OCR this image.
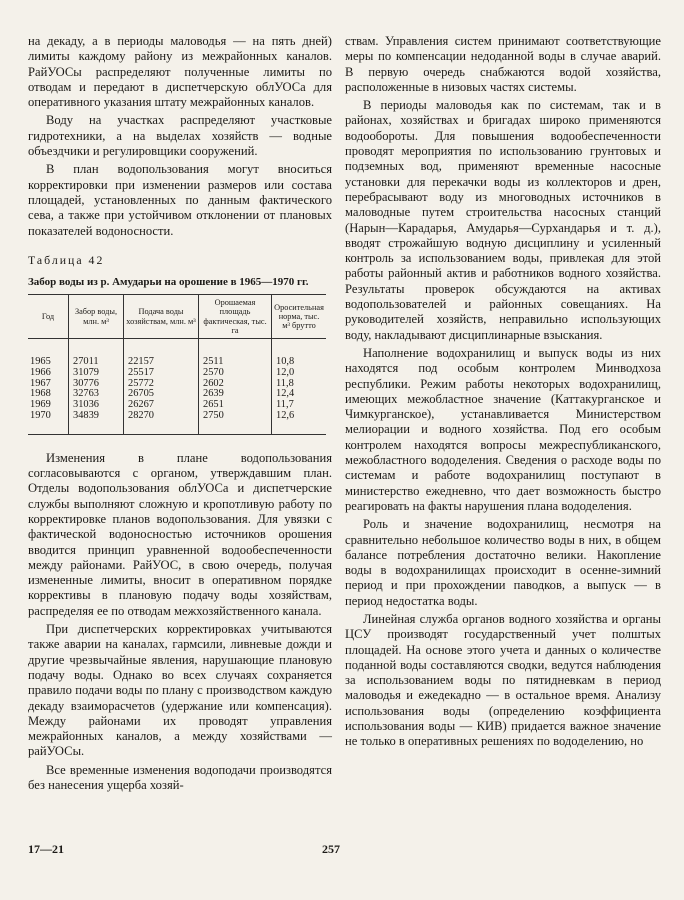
на декаду, а в периоды маловодья — на пять дней) лимиты каждому району из межрайонных каналов. РайУОСы распределяют полученные лимиты по отводам и передают в диспетчерскую облУОСа для оперативного указания штату межрайонных каналов.

Воду на участках распределяют участковые гидротехники, а на выделах хозяйств — водные объездчики и регулировщики сооружений.

В план водопользования могут вноситься корректировки при изменении размеров или состава площадей, установленных по данным фактического сева, а также при устойчивом отклонении от плановых показателей водоносности.

Таблица 42

Забор воды из р. Амударьи на орошение в 1965—1970 гг.

Год	Забор воды, млн. м³	Подача воды хозяйствам, млн. м³	Орошаемая площадь фактическая, тыс. га	Оросительная норма, тыс. м³ брутто
1965	27011	22157	2511	10,8
1966	31079	25517	2570	12,0
1967	30776	25772	2602	11,8
1968	32763	26705	2639	12,4
1969	31036	26267	2651	11,7
1970	34839	28270	2750	12,6

Изменения в плане водопользования согласовываются с органом, утверждавшим план. Отделы водопользования облУОСа и диспетчерские службы выполняют сложную и кропотливую работу по корректировке планов водопользования. Для увязки с фактической водоносностью источников орошения вводится принцип уравненной водообеспеченности между районами. РайУОС, в свою очередь, получая измененные лимиты, вносит в оперативном порядке коррективы в плановую подачу воды хозяйствам, распределяя ее по отводам межхозяйственного канала.

При диспетчерских корректировках учитываются также аварии на каналах, гармсили, ливневые дожди и другие чрезвычайные явления, нарушающие плановую подачу воды. Однако во всех случаях сохраняется правило подачи воды по плану с производством каждую декаду взаиморасчетов (удержание или компенсация). Между районами их проводят управления межрайонных каналов, а между хозяйствами — райУОСы.

Все временные изменения водоподачи производятся без нанесения ущерба хозяй-

ствам. Управления систем принимают соответствующие меры по компенсации недоданной воды в случае аварий. В первую очередь снабжаются водой хозяйства, расположенные в низовых частях системы.

В периоды маловодья как по системам, так и в районах, хозяйствах и бригадах широко применяются водообороты. Для повышения водообеспеченности проводят мероприятия по использованию грунтовых и подземных вод, применяют временные насосные установки для перекачки воды из коллекторов и дрен, перебрасывают воду из многоводных источников в маловодные путем строительства насосных станций (Нарын—Карадарья, Амударья—Сурхандарья и т. д.), вводят строжайшую водную дисциплину и усиленный контроль за использованием воды, привлекая для этой работы районный актив и работников водного хозяйства. Результаты проверок обсуждаются на активах водопользователей и районных совещаниях. На руководителей хозяйств, неправильно использующих воду, накладывают дисциплинарные взыскания.

Наполнение водохранилищ и выпуск воды из них находятся под особым контролем Минводхоза республики. Режим работы некоторых водохранилищ, имеющих межобластное значение (Каттакурганское и Чимкурганское), устанавливается Министерством мелиорации и водного хозяйства. Под его особым контролем находятся вопросы межреспубликанского, межобластного вододеления. Сведения о расходе воды по системам и работе водохранилищ поступают в министерство ежедневно, что дает возможность быстро реагировать на факты нарушения плана вододеления.

Роль и значение водохранилищ, несмотря на сравнительно небольшое количество воды в них, в общем балансе потребления достаточно велики. Накопление воды в водохранилищах происходит в осенне-зимний период и при прохождении паводков, а выпуск — в период недостатка воды.

Линейная служба органов водного хозяйства и органы ЦСУ производят государственный учет полштых площадей. На основе этого учета и данных о количестве поданной воды составляются сводки, ведутся наблюдения за использованием воды по пятидневкам в период маловодья и ежедекадно — в остальное время. Анализу использования воды (определению коэффициента использования воды — КИВ) придается важное значение не только в оперативных решениях по вододелению, но

17—21	257
